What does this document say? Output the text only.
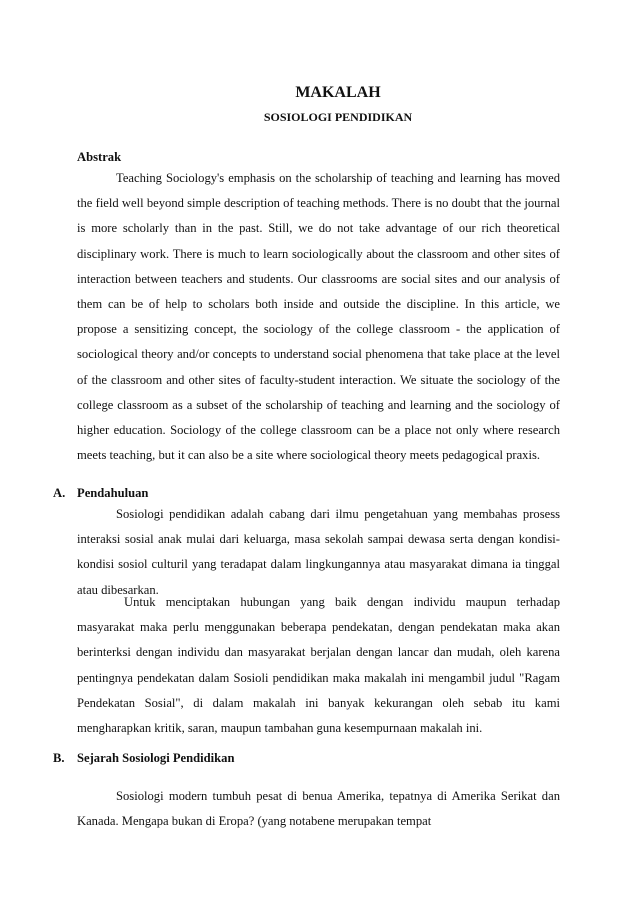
MAKALAH
SOSIOLOGI PENDIDIKAN
Abstrak

Teaching Sociology's emphasis on the scholarship of teaching and learning has moved the field well beyond simple description of teaching methods. There is no doubt that the journal is more scholarly than in the past. Still, we do not take advantage of our rich theoretical disciplinary work. There is much to learn sociologically about the classroom and other sites of interaction between teachers and students. Our classrooms are social sites and our analysis of them can be of help to scholars both inside and outside the discipline. In this article, we propose a sensitizing concept, the sociology of the college classroom - the application of sociological theory and/or concepts to understand social phenomena that take place at the level of the classroom and other sites of faculty-student interaction. We situate the sociology of the college classroom as a subset of the scholarship of teaching and learning and the sociology of higher education. Sociology of the college classroom can be a place not only where research meets teaching, but it can also be a site where sociological theory meets pedagogical praxis.

A. Pendahuluan

Sosiologi pendidikan adalah cabang dari ilmu pengetahuan yang membahas prosess interaksi sosial anak mulai dari keluarga, masa sekolah sampai dewasa serta dengan kondisi-kondisi sosiol culturil yang teradapat dalam lingkungannya atau masyarakat dimana ia tinggal atau dibesarkan.

Untuk menciptakan hubungan yang baik dengan individu maupun terhadap masyarakat maka perlu menggunakan beberapa pendekatan, dengan pendekatan maka akan berinterksi dengan individu dan masyarakat berjalan dengan lancar dan mudah, oleh karena pentingnya pendekatan dalam Sosioli pendidikan maka makalah ini mengambil judul "Ragam Pendekatan Sosial", di dalam makalah ini banyak kekurangan oleh sebab itu kami mengharapkan kritik, saran, maupun tambahan guna kesempurnaan makalah ini.

B. Sejarah Sosiologi Pendidikan

Sosiologi modern tumbuh pesat di benua Amerika, tepatnya di Amerika Serikat dan Kanada. Mengapa bukan di Eropa? (yang notabene merupakan tempat
